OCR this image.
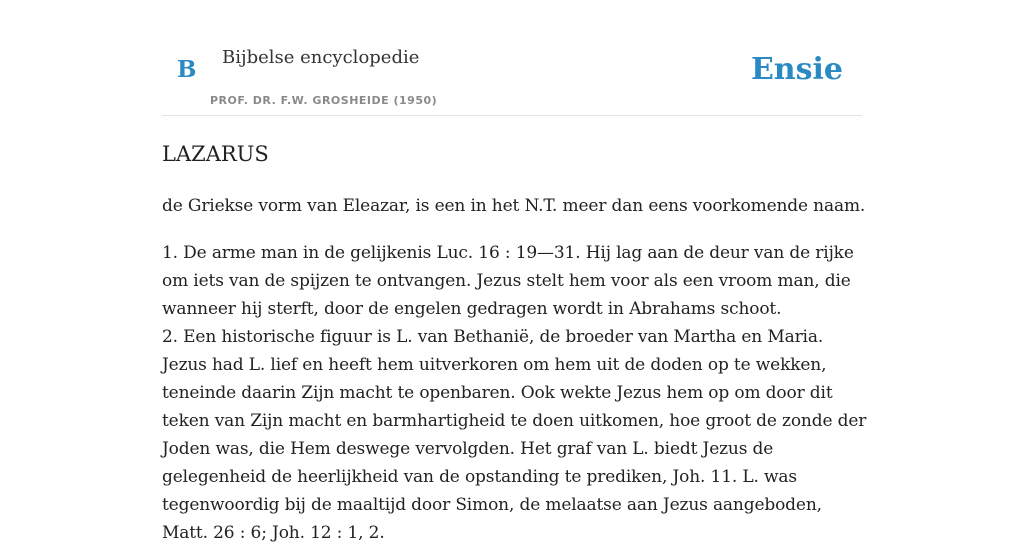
B Bijbelse encyclopedie
PROF. DR. F.W. GROSHEIDE (1950)
Ensie
LAZARUS

de Griekse vorm van Eleazar, is een in het N.T. meer dan eens voorkomende naam.

1. De arme man in de gelijkenis Luc. 16 : 19—31. Hij lag aan de deur van de rijke om iets van de spijzen te ontvangen. Jezus stelt hem voor als een vroom man, die wanneer hij sterft, door de engelen gedragen wordt in Abrahams schoot.

2. Een historische figuur is L. van Bethanië, de broeder van Martha en Maria. Jezus had L. lief en heeft hem uitverkoren om hem uit de doden op te wekken, teneinde daarin Zijn macht te openbaren. Ook wekte Jezus hem op om door dit teken van Zijn macht en barmhartigheid te doen uitkomen, hoe groot de zonde der Joden was, die Hem deswege vervolgden. Het graf van L. biedt Jezus de gelegenheid de heerlijkheid van de opstanding te prediken, Joh. 11. L. was tegenwoordig bij de maaltijd door Simon, de melaatse aan Jezus aangeboden, Matt. 26 : 6; Joh. 12 : 1, 2.
